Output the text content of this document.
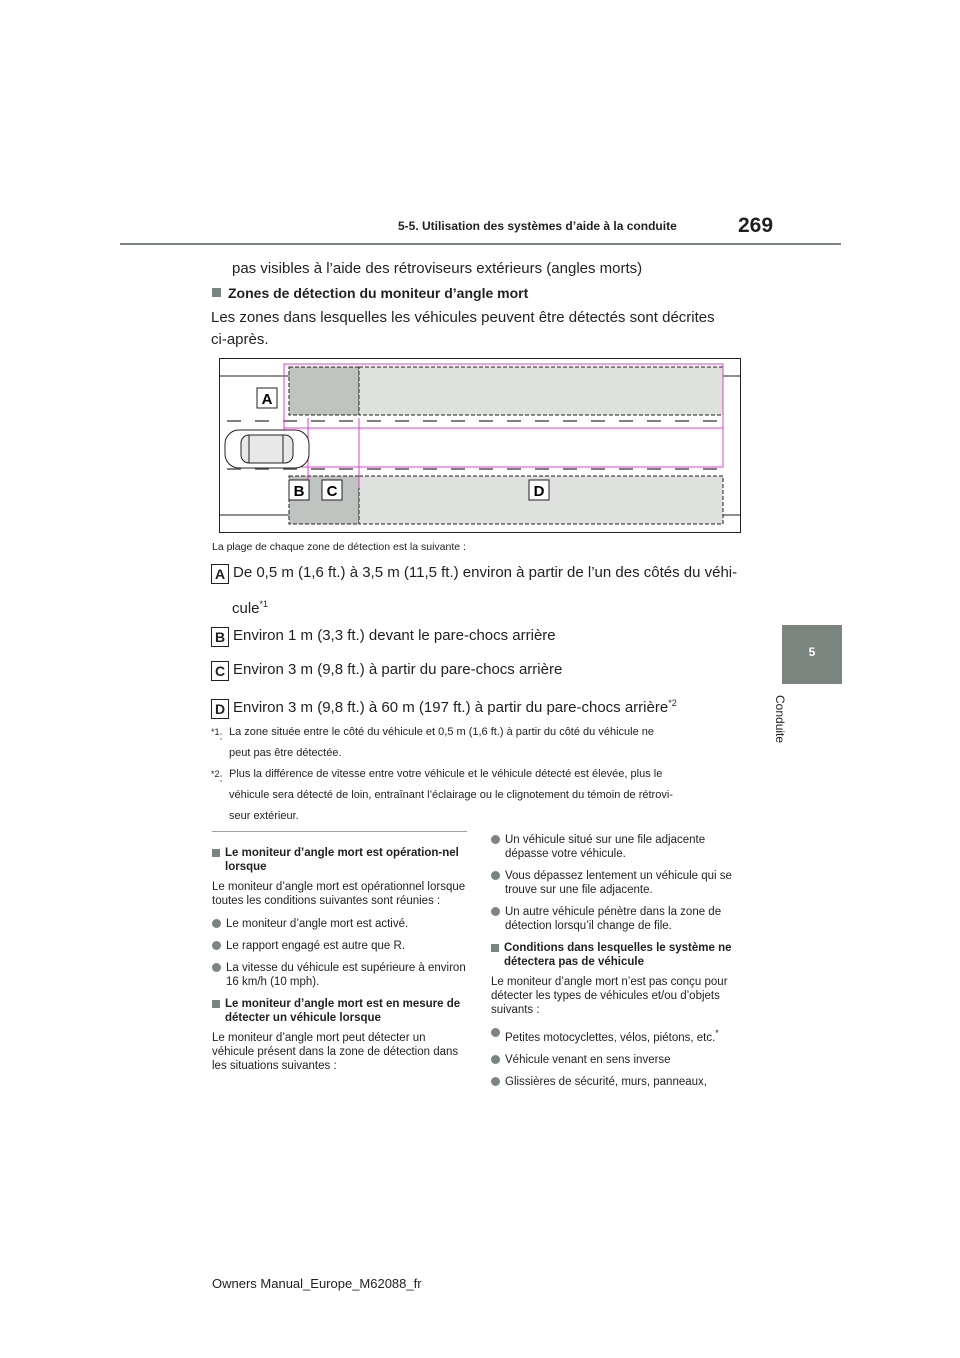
5-5. Utilisation des systèmes d’aide à la conduite	269
5
Conduite
pas visibles à l’aide des rétroviseurs extérieurs (angles morts)
Zones de détection du moniteur d’angle mort
Les zones dans lesquelles les véhicules peuvent être détectés sont décrites ci-après.
A
B C	D
La plage de chaque zone de détection est la suivante :
A De 0,5 m (1,6 ft.) à 3,5 m (11,5 ft.) environ à partir de l’un des côtés du véhi-
cule$^{*1}$
B Environ 1 m (3,3 ft.) devant le pare-chocs arrière
C Environ 3 m (9,8 ft.) à partir du pare-chocs arrière
D Environ 3 m (9,8 ft.) à 60 m (197 ft.) à partir du pare-chocs arrière$^{*2}$
$^{*1}$: La zone située entre le côté du véhicule et 0,5 m (1,6 ft.) à partir du côté du véhicule ne
peut pas être détectée.
$^{*2}$: Plus la différence de vitesse entre votre véhicule et le véhicule détecté est élevée, plus le
véhicule sera détecté de loin, entraînant l’éclairage ou le clignotement du témoin de rétrovi-
seur extérieur.
Le moniteur d’angle mort est opération-nel lorsque

Le moniteur d’angle mort est opérationnel lorsque toutes les conditions suivantes sont réunies :

Le moniteur d’angle mort est activé.
Le rapport engagé est autre que R.
La vitesse du véhicule est supérieure à environ 16 km/h (10 mph).
Le moniteur d’angle mort est en mesure de détecter un véhicule lorsque

Le moniteur d’angle mort peut détecter un véhicule présent dans la zone de détection dans les situations suivantes :

Un véhicule situé sur une file adjacente dépasse votre véhicule.
Vous dépassez lentement un véhicule qui se trouve sur une file adjacente.
Un autre véhicule pénètre dans la zone de détection lorsqu’il change de file.
Conditions dans lesquelles le système ne détectera pas de véhicule

Le moniteur d’angle mort n’est pas conçu pour détecter les types de véhicules et/ou d’objets suivants :

Petites motocyclettes, vélos, piétons, etc.*
Véhicule venant en sens inverse
Glissières de sécurité, murs, panneaux,
Owners Manual_Europe_M62088_fr
